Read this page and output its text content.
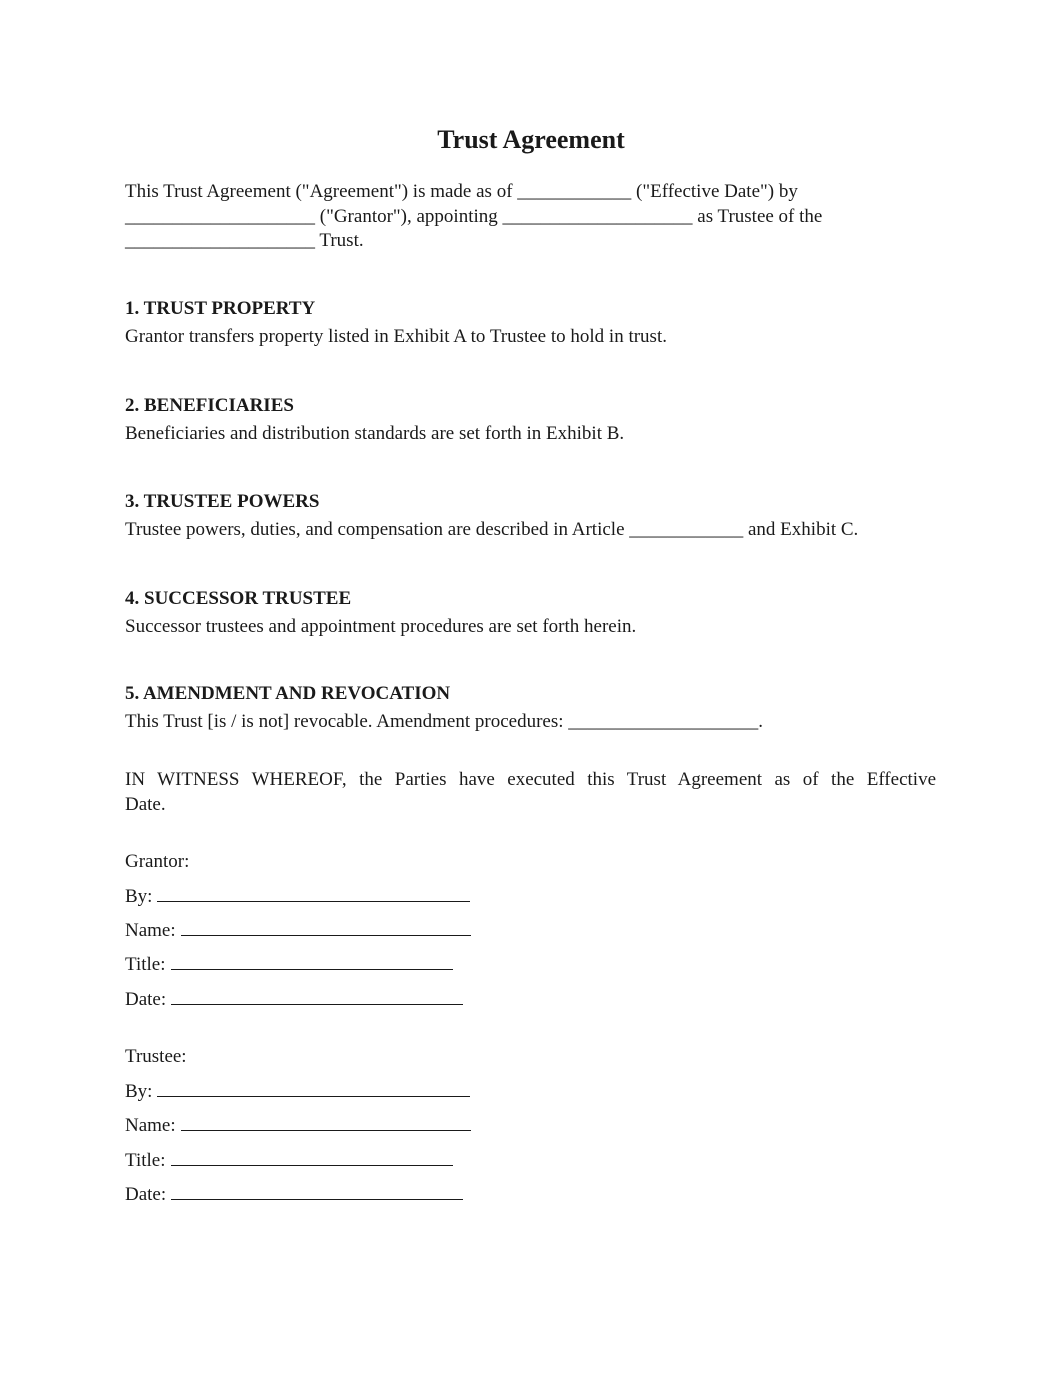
Trust Agreement

This Trust Agreement ("Agreement") is made as of ____________ ("Effective Date") by
____________________ ("Grantor"), appointing ____________________ as Trustee of the
____________________ Trust.

1. TRUST PROPERTY

Grantor transfers property listed in Exhibit A to Trustee to hold in trust.

2. BENEFICIARIES

Beneficiaries and distribution standards are set forth in Exhibit B.

3. TRUSTEE POWERS

Trustee powers, duties, and compensation are described in Article ____________ and Exhibit C.

4. SUCCESSOR TRUSTEE

Successor trustees and appointment procedures are set forth herein.

5. AMENDMENT AND REVOCATION

This Trust [is / is not] revocable. Amendment procedures: ____________________.

IN WITNESS WHEREOF, the Parties have executed this Trust Agreement as of the Effective
Date.

Grantor:

By:

Name:

Title:

Date:

Trustee:

By:

Name:

Title:

Date:
